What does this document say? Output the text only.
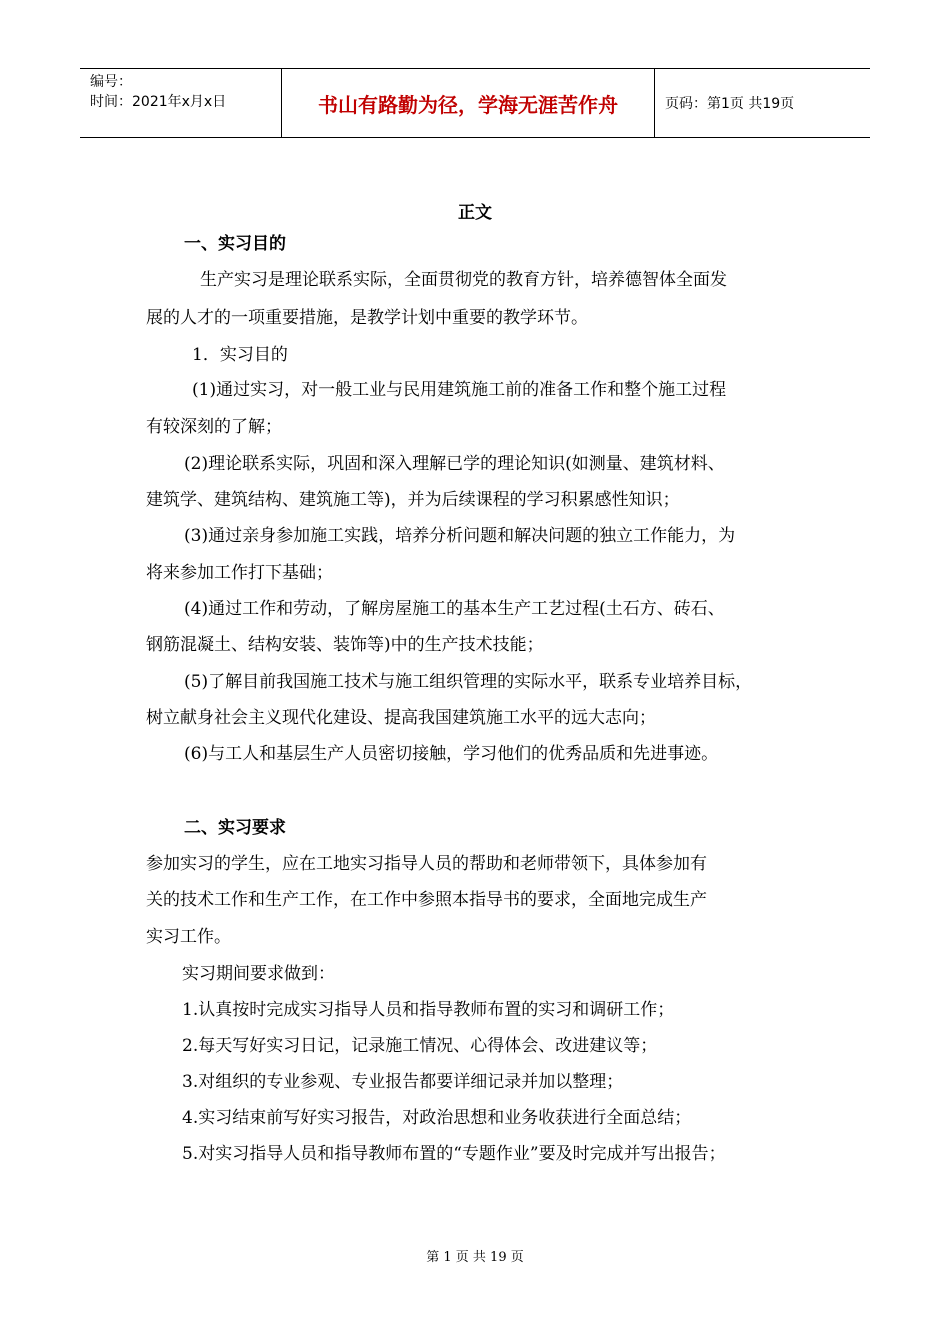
编号：
时间：2021年x月x日	书山有路勤为径，学海无涯苦作舟	页码：第1页 共19页
正文
一、实习目的
生产实习是理论联系实际，全面贯彻党的教育方针，培养德智体全面发
展的人才的一项重要措施，是教学计划中重要的教学环节。
1．实习目的
(1)通过实习，对一般工业与民用建筑施工前的准备工作和整个施工过程
有较深刻的了解；
(2)理论联系实际，巩固和深入理解已学的理论知识(如测量、建筑材料、
建筑学、建筑结构、建筑施工等)，并为后续课程的学习积累感性知识；
(3)通过亲身参加施工实践，培养分析问题和解决问题的独立工作能力，为
将来参加工作打下基础；
(4)通过工作和劳动，了解房屋施工的基本生产工艺过程(土石方、砖石、
钢筋混凝土、结构安装、装饰等)中的生产技术技能；
(5)了解目前我国施工技术与施工组织管理的实际水平，联系专业培养目标，
树立献身社会主义现代化建设、提高我国建筑施工水平的远大志向；
(6)与工人和基层生产人员密切接触，学习他们的优秀品质和先进事迹。
二、实习要求
参加实习的学生，应在工地实习指导人员的帮助和老师带领下，具体参加有
关的技术工作和生产工作，在工作中参照本指导书的要求，全面地完成生产
实习工作。
实习期间要求做到：
1.认真按时完成实习指导人员和指导教师布置的实习和调研工作；
2.每天写好实习日记，记录施工情况、心得体会、改进建议等；
3.对组织的专业参观、专业报告都要详细记录并加以整理；
4.实习结束前写好实习报告，对政治思想和业务收获进行全面总结；
5.对实习指导人员和指导教师布置的“专题作业”要及时完成并写出报告；
第 1 页 共 19 页
